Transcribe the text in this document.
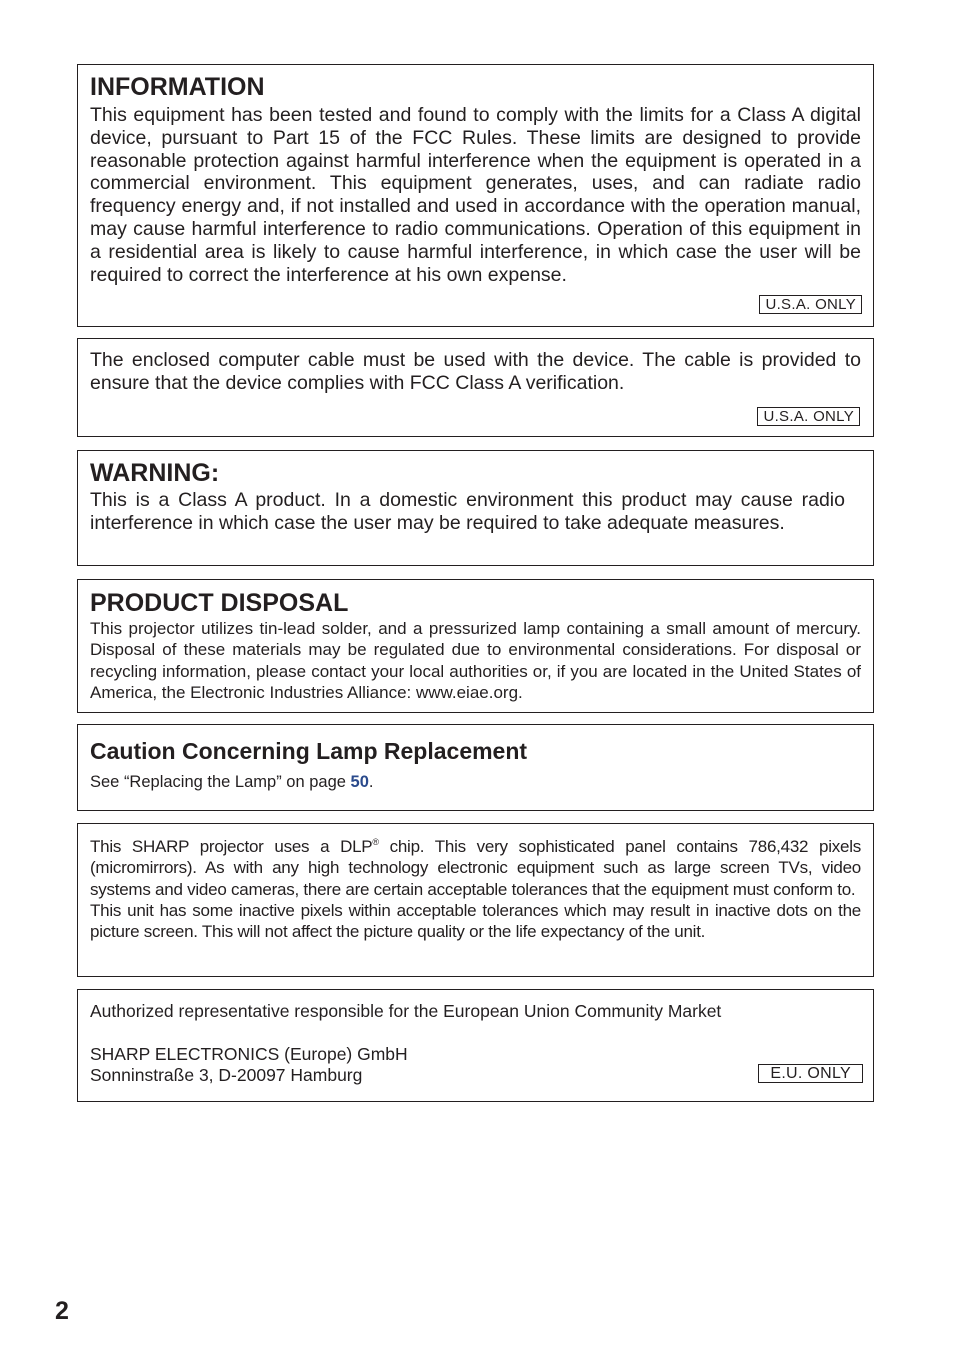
INFORMATION

This equipment has been tested and found to comply with the limits for a Class A digital device, pursuant to Part 15 of the FCC Rules. These limits are designed to provide reasonable protection against harmful interference when the equipment is operated in a commercial environment. This equipment generates, uses, and can radiate radio frequency energy and, if not installed and used in accordance with the operation manual, may cause harmful interference to radio communications. Operation of this equipment in a residential area is likely to cause harmful interference, in which case the user will be required to correct the interference at his own expense.

U.S.A. ONLY

The enclosed computer cable must be used with the device. The cable is provided to ensure that the device complies with FCC Class A verification.

U.S.A. ONLY
WARNING:

This is a Class A product. In a domestic environment this product may cause radio interference in which case the user may be required to take adequate measures.

PRODUCT DISPOSAL

This projector utilizes tin-lead solder, and a pressurized lamp containing a small amount of mercury. Disposal of these materials may be regulated due to environmental considerations. For disposal or recycling information, please contact your local authorities or, if you are located in the United States of America, the Electronic Industries Alliance: www.eiae.org.

Caution Concerning Lamp Replacement

See “Replacing the Lamp” on page 50.

This SHARP projector uses a DLP® chip. This very sophisticated panel contains 786,432 pixels (micromirrors). As with any high technology electronic equipment such as large screen TVs, video systems and video cameras, there are certain acceptable tolerances that the equipment must conform to.

This unit has some inactive pixels within acceptable tolerances which may result in inactive dots on the picture screen. This will not affect the picture quality or the life expectancy of the unit.

Authorized representative responsible for the European Union Community Market

SHARP ELECTRONICS (Europe) GmbH

Sonninstraße 3, D-20097 Hamburg	E.U. ONLY
2
